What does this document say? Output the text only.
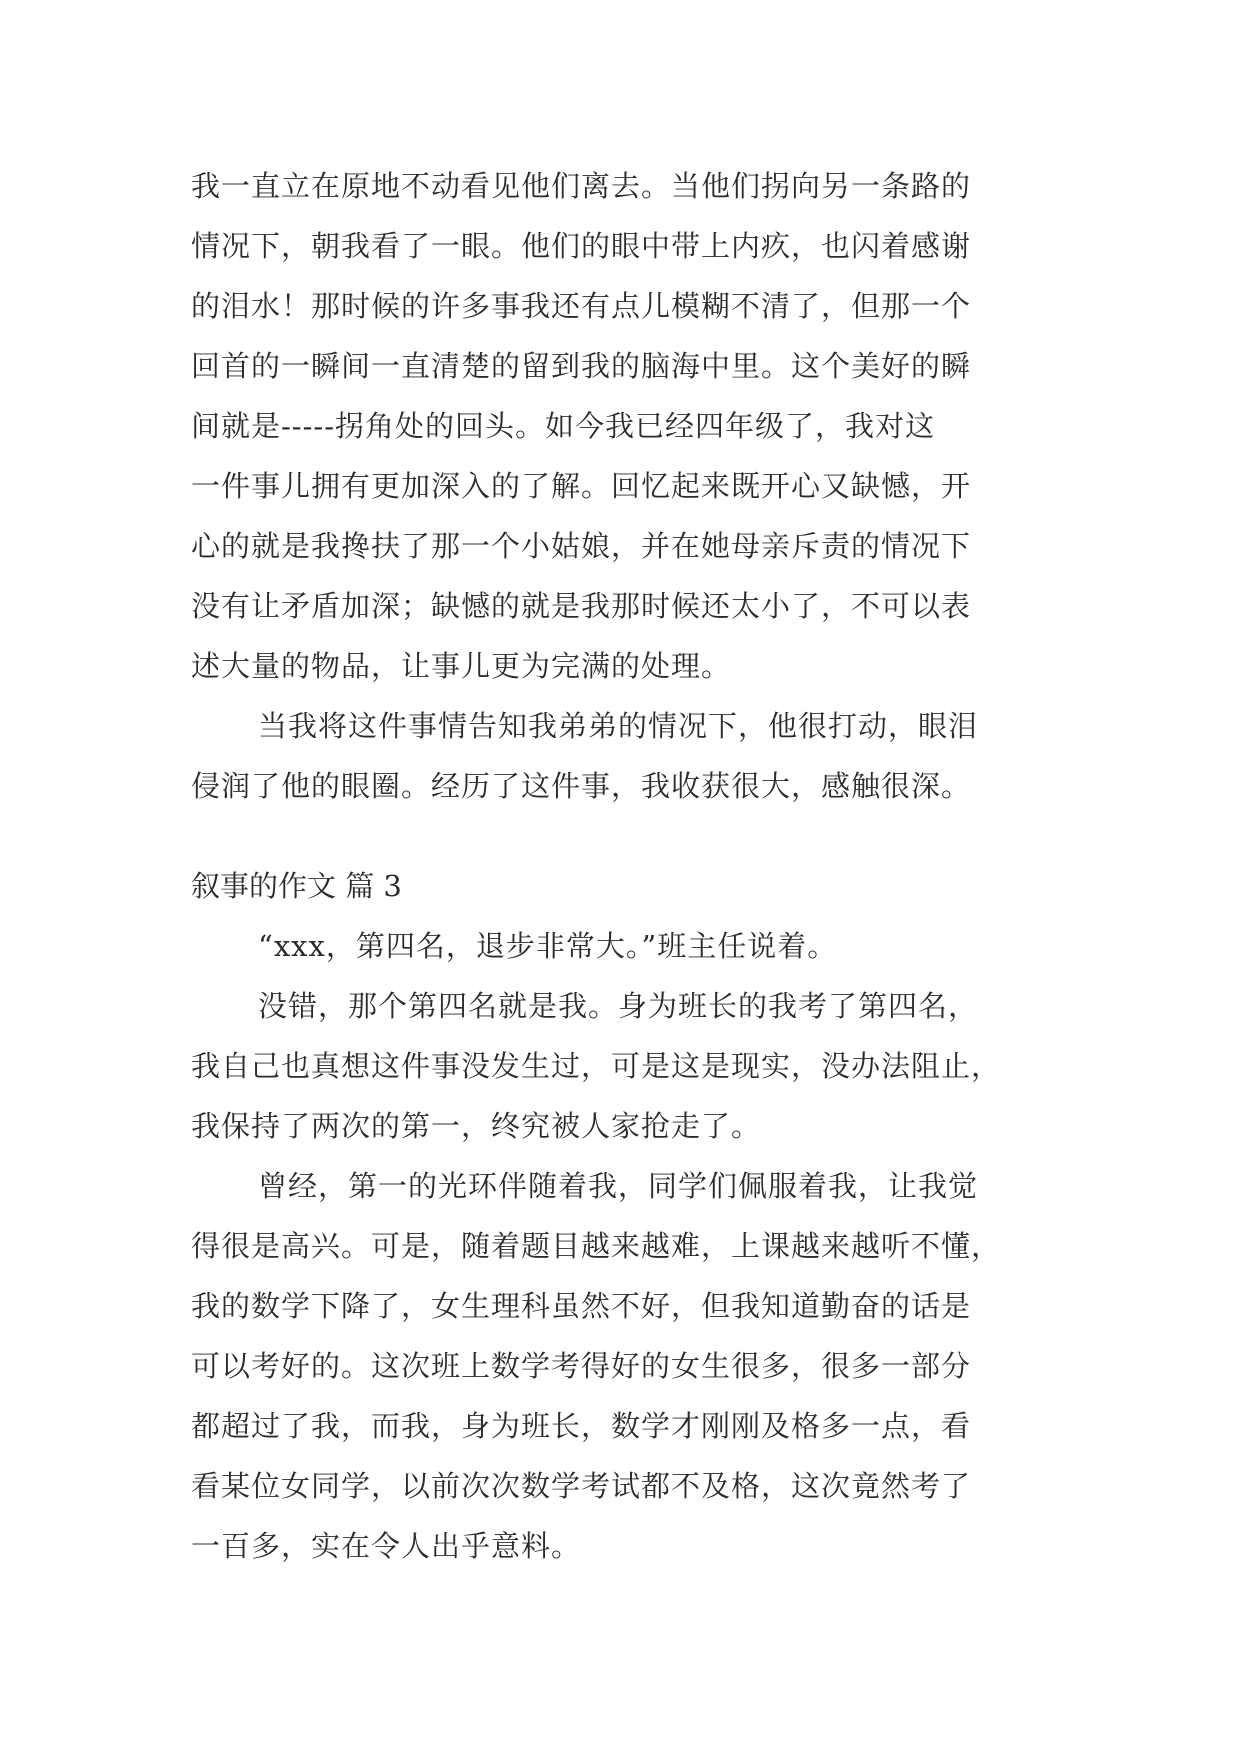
我一直立在原地不动看见他们离去。当他们拐向另一条路的
情况下，朝我看了一眼。他们的眼中带上内疚，也闪着感谢
的泪水！那时候的许多事我还有点儿模糊不清了，但那一个
回首的一瞬间一直清楚的留到我的脑海中里。这个美好的瞬
间就是-----拐角处的回头。如今我已经四年级了，我对这
一件事儿拥有更加深入的了解。回忆起来既开心又缺憾，开
心的就是我搀扶了那一个小姑娘，并在她母亲斥责的情况下
没有让矛盾加深；缺憾的就是我那时候还太小了，不可以表
述大量的物品，让事儿更为完满的处理。
当我将这件事情告知我弟弟的情况下，他很打动，眼泪
侵润了他的眼圈。经历了这件事，我收获很大，感触很深。
叙事的作文 篇 3
“xxx，第四名，退步非常大。”班主任说着。
没错，那个第四名就是我。身为班长的我考了第四名，
我自己也真想这件事没发生过，可是这是现实，没办法阻止，
我保持了两次的第一，终究被人家抢走了。
曾经，第一的光环伴随着我，同学们佩服着我，让我觉
得很是高兴。可是，随着题目越来越难，上课越来越听不懂，
我的数学下降了，女生理科虽然不好，但我知道勤奋的话是
可以考好的。这次班上数学考得好的女生很多，很多一部分
都超过了我，而我，身为班长，数学才刚刚及格多一点，看
看某位女同学，以前次次数学考试都不及格，这次竟然考了
一百多，实在令人出乎意料。
